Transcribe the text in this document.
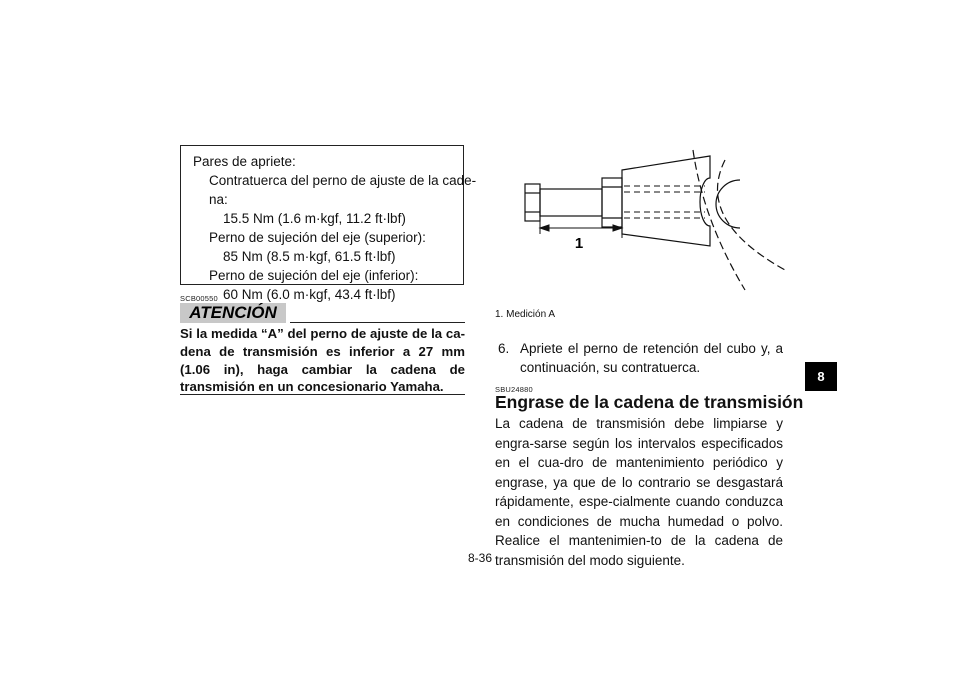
Pares de apriete:
Contratuerca del perno de ajuste de la cade-
na:
15.5 Nm (1.6 m·kgf, 11.2 ft·lbf)
Perno de sujeción del eje (superior):
85 Nm (8.5 m·kgf, 61.5 ft·lbf)
Perno de sujeción del eje (inferior):
60 Nm (6.0 m·kgf, 43.4 ft·lbf)
SCB00550
ATENCIÓN
Si la medida “A” del perno de ajuste de la ca-dena de transmisión es inferior a 27 mm (1.06 in), haga cambiar la cadena de transmisión en un concesionario Yamaha.
1
1. Medición A
6. Apriete el perno de retención del cubo y, a continuación, su contratuerca.
SBU24880
Engrase de la cadena de transmisión
La cadena de transmisión debe limpiarse y engra-sarse según los intervalos especificados en el cua-dro de mantenimiento periódico y engrase, ya que de lo contrario se desgastará rápidamente, espe-cialmente cuando conduzca en condiciones de mucha humedad o polvo. Realice el mantenimien-to de la cadena de transmisión del modo siguiente.
8
8-36
